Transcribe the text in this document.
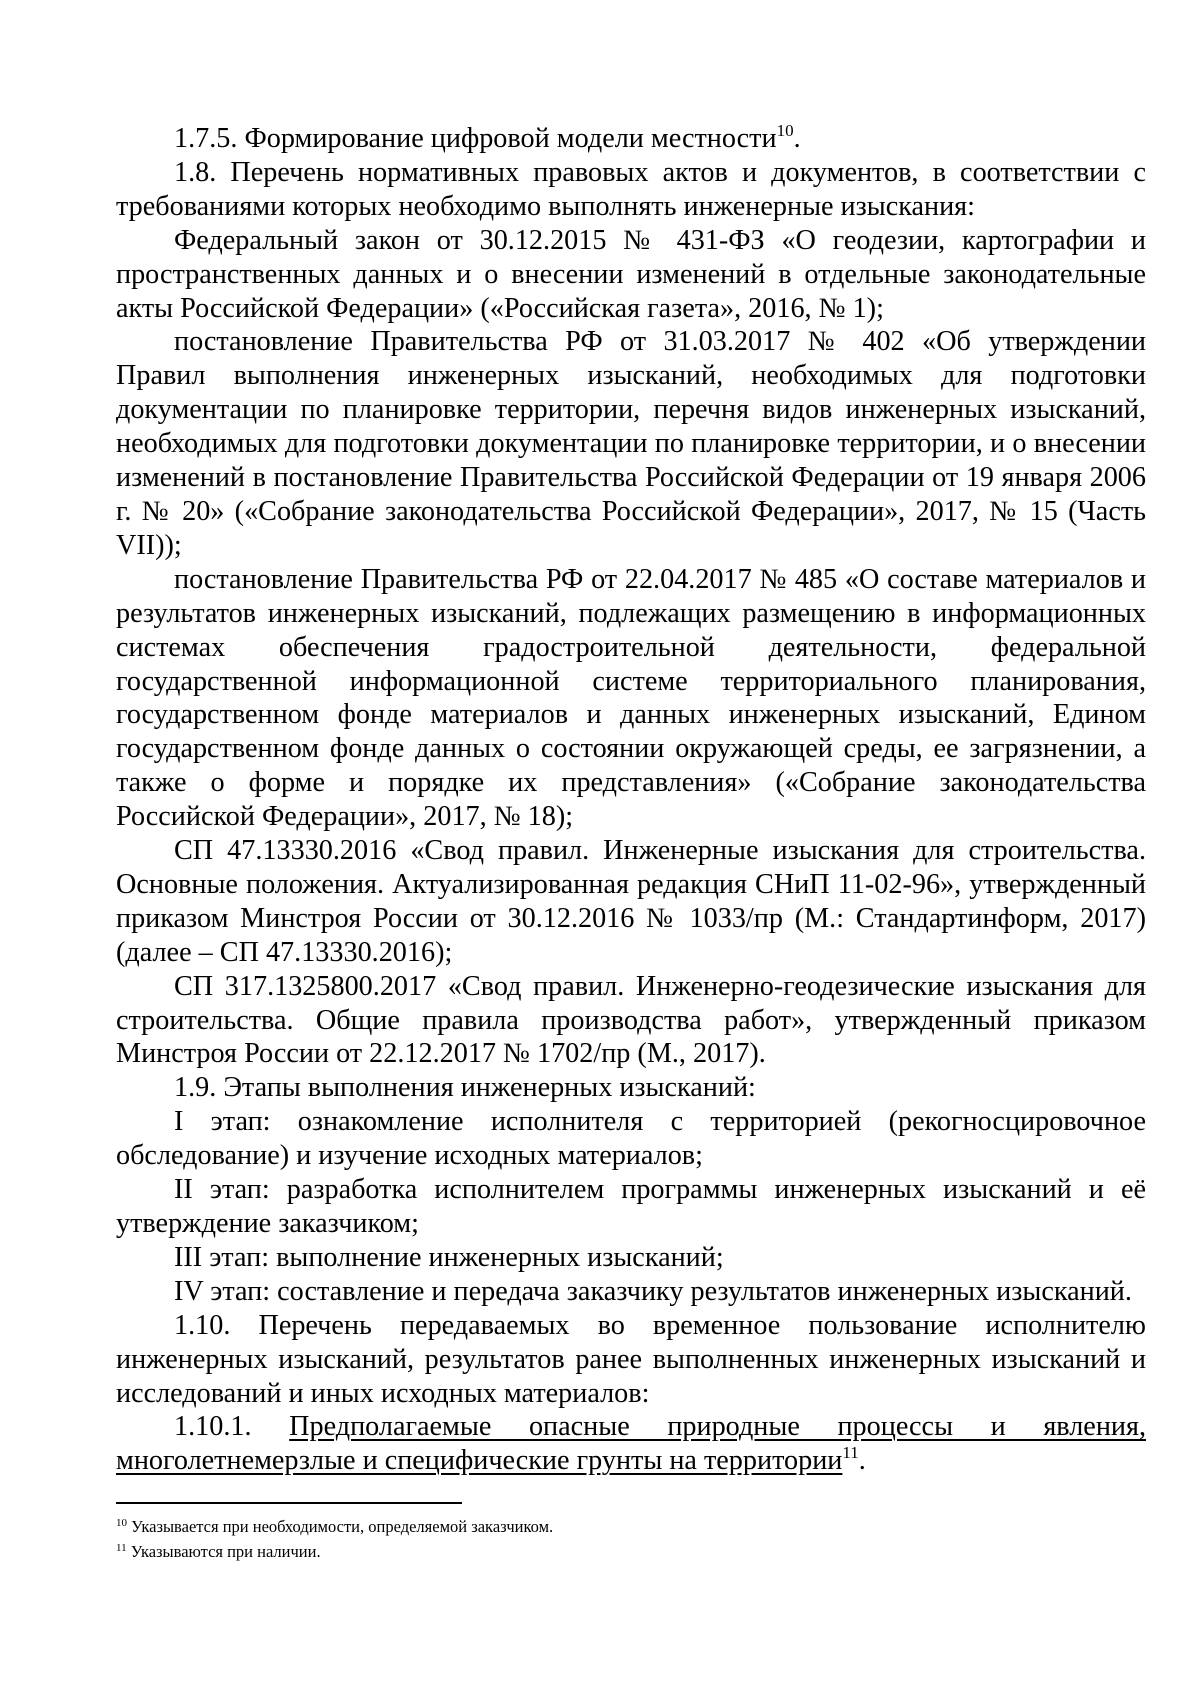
1.7.5. Формирование цифровой модели местности$^{10}$.

1.8. Перечень нормативных правовых актов и документов, в соответствии с требованиями которых необходимо выполнять инженерные изыскания:

Федеральный закон от 30.12.2015 № 431-ФЗ «О геодезии, картографии и пространственных данных и о внесении изменений в отдельные законодательные акты Российской Федерации» («Российская газета», 2016, № 1);

постановление Правительства РФ от 31.03.2017 № 402 «Об утверждении Правил выполнения инженерных изысканий, необходимых для подготовки документации по планировке территории, перечня видов инженерных изысканий, необходимых для подготовки документации по планировке территории, и о внесении изменений в постановление Правительства Российской Федерации от 19 января 2006 г. № 20» («Собрание законодательства Российской Федерации», 2017, № 15 (Часть VII));

постановление Правительства РФ от 22.04.2017 № 485 «О составе материалов и результатов инженерных изысканий, подлежащих размещению в информационных системах обеспечения градостроительной деятельности, федеральной государственной информационной системе территориального планирования, государственном фонде материалов и данных инженерных изысканий, Едином государственном фонде данных о состоянии окружающей среды, ее загрязнении, а также о форме и порядке их представления» («Собрание законодательства Российской Федерации», 2017, № 18);

СП 47.13330.2016 «Свод правил. Инженерные изыскания для строительства. Основные положения. Актуализированная редакция СНиП 11-02-96», утвержденный приказом Минстроя России от 30.12.2016 № 1033/пр (М.: Стандартинформ, 2017) (далее – СП 47.13330.2016);

СП 317.1325800.2017 «Свод правил. Инженерно-геодезические изыскания для строительства. Общие правила производства работ», утвержденный приказом Минстроя России от 22.12.2017 № 1702/пр (М., 2017).

1.9. Этапы выполнения инженерных изысканий:

I этап: ознакомление исполнителя с территорией (рекогносцировочное обследование) и изучение исходных материалов;

II этап: разработка исполнителем программы инженерных изысканий и её утверждение заказчиком;

III этап: выполнение инженерных изысканий;

IV этап: составление и передача заказчику результатов инженерных изысканий.

1.10. Перечень передаваемых во временное пользование исполнителю инженерных изысканий, результатов ранее выполненных инженерных изысканий и исследований и иных исходных материалов:

1.10.1. Предполагаемые опасные природные процессы и явления, многолетнемерзлые и специфические грунты на территории$^{11}$.

$^{10}$ Указывается при необходимости, определяемой заказчиком.

$^{11}$ Указываются при наличии.
